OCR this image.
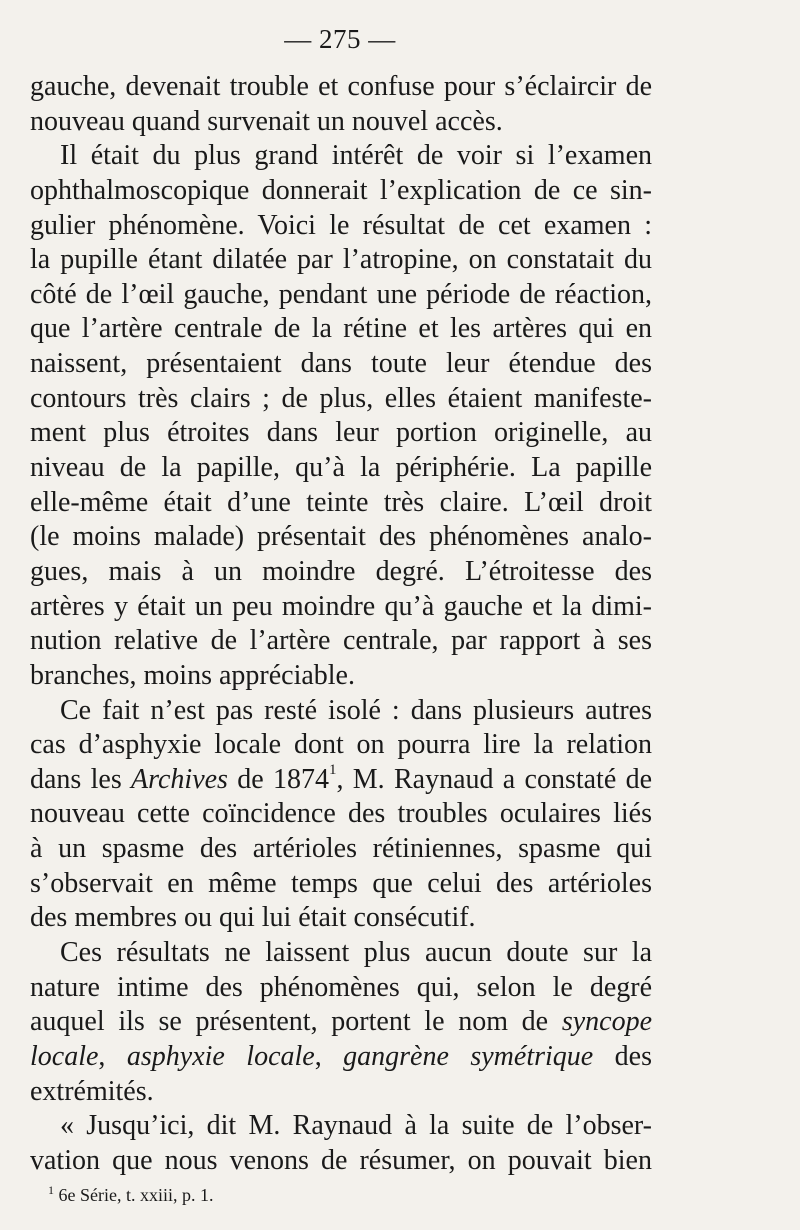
— 275 —
gauche, devenait trouble et confuse pour s’éclaircir de
nouveau quand survenait un nouvel accès.
Il était du plus grand intérêt de voir si l’examen
ophthalmoscopique donnerait l’explication de ce sin-
gulier phénomène. Voici le résultat de cet examen :
la pupille étant dilatée par l’atropine, on constatait du
côté de l’œil gauche, pendant une période de réaction,
que l’artère centrale de la rétine et les artères qui en
naissent, présentaient dans toute leur étendue des
contours très clairs ; de plus, elles étaient manifeste-
ment plus étroites dans leur portion originelle, au
niveau de la papille, qu’à la périphérie. La papille
elle-même était d’une teinte très claire. L’œil droit
(le moins malade) présentait des phénomènes analo-
gues, mais à un moindre degré. L’étroitesse des
artères y était un peu moindre qu’à gauche et la dimi-
nution relative de l’artère centrale, par rapport à ses
branches, moins appréciable.
Ce fait n’est pas resté isolé : dans plusieurs autres
cas d’asphyxie locale dont on pourra lire la relation
dans les Archives de 1874$^1$, M. Raynaud a constaté de
nouveau cette coïncidence des troubles oculaires liés
à un spasme des artérioles rétiniennes, spasme qui
s’observait en même temps que celui des artérioles
des membres ou qui lui était consécutif.
Ces résultats ne laissent plus aucun doute sur la
nature intime des phénomènes qui, selon le degré
auquel ils se présentent, portent le nom de syncope
locale, asphyxie locale, gangrène symétrique des
extrémités.
« Jusqu’ici, dit M. Raynaud à la suite de l’obser-
vation que nous venons de résumer, on pouvait bien
$^1$ 6e Série, t. xxiii, p. 1.
